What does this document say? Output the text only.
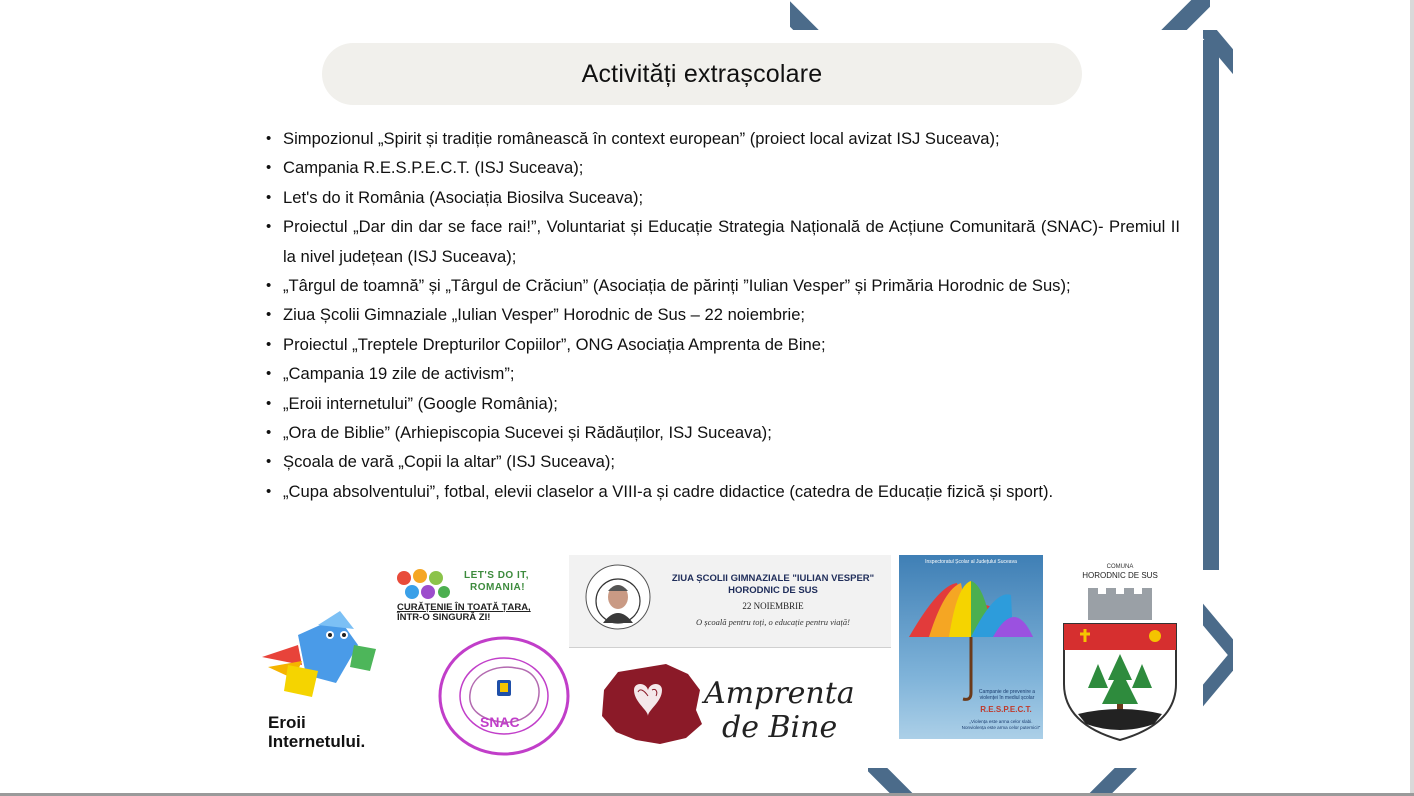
Activități extrașcolare
• Simpozionul „Spirit și tradiție românească în context european” (proiect local avizat ISJ Suceava);
• Campania R.E.S.P.E.C.T. (ISJ Suceava);
• Let's do it România (Asociația Biosilva Suceava);
• Proiectul „Dar din dar se face rai!”, Voluntariat și Educație Strategia Națională de Acțiune Comunitară (SNAC)- Premiul II la nivel județean (ISJ Suceava);
• „Târgul de toamnă” și „Târgul de Crăciun” (Asociația de părinți ”Iulian Vesper” și Primăria Horodnic de Sus);
• Ziua Școlii Gimnaziale „Iulian Vesper” Horodnic de Sus – 22 noiembrie;
• Proiectul „Treptele Drepturilor Copiilor”, ONG Asociația Amprenta de Bine;
• „Campania 19 zile de activism”;
• „Eroii internetului” (Google România);
• „Ora de Biblie” (Arhiepiscopia Sucevei și Rădăuților, ISJ Suceava);
• Școala de vară „Copii la altar” (ISJ Suceava);
• „Cupa absolventului”, fotbal, elevii claselor a VIII-a și cadre didactice (catedra de Educație fizică și sport).
Eroii
Internetului.
LET'S DO IT,
ROMANIA!
CURĂȚENIE ÎN TOATĂ ȚARA,
ÎNTR-O SINGURĂ ZI!
SNAC
ZIUA ȘCOLII GIMNAZIALE "IULIAN VESPER"
HORODNIC DE SUS
22 NOIEMBRIE
O școală pentru toți, o educație pentru viață!
Amprenta
de Bine
Inspectoratul Școlar al Județului Suceava
Campanie de prevenire a violenței în mediul școlar
R.E.S.P.E.C.T.
„Violența este arma celor slabi. Nonviolența este arma celor puternici!”
COMUNA
HORODNIC DE SUS
